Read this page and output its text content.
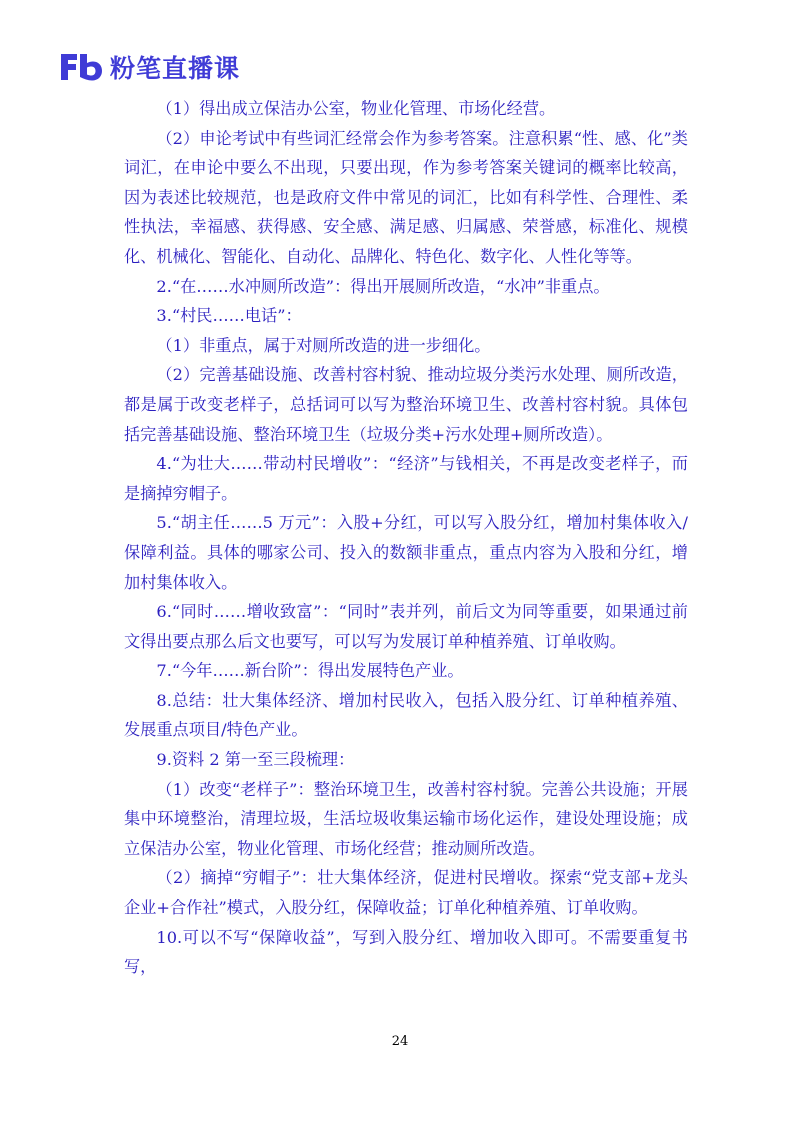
粉笔直播课

（1）得出成立保洁办公室，物业化管理、市场化经营。

（2）申论考试中有些词汇经常会作为参考答案。注意积累“性、感、化”类词汇，在申论中要么不出现，只要出现，作为参考答案关键词的概率比较高，因为表述比较规范，也是政府文件中常见的词汇，比如有科学性、合理性、柔性执法，幸福感、获得感、安全感、满足感、归属感、荣誉感，标准化、规模化、机械化、智能化、自动化、品牌化、特色化、数字化、人性化等等。

2.“在……水冲厕所改造”：得出开展厕所改造，“水冲”非重点。

3.“村民……电话”：

（1）非重点，属于对厕所改造的进一步细化。

（2）完善基础设施、改善村容村貌、推动垃圾分类污水处理、厕所改造，都是属于改变老样子，总括词可以写为整治环境卫生、改善村容村貌。具体包括完善基础设施、整治环境卫生（垃圾分类+污水处理+厕所改造）。

4.“为壮大……带动村民增收”：“经济”与钱相关，不再是改变老样子，而是摘掉穷帽子。

5.“胡主任……5 万元”：入股+分红，可以写入股分红，增加村集体收入/保障利益。具体的哪家公司、投入的数额非重点，重点内容为入股和分红，增加村集体收入。

6.“同时……增收致富”：“同时”表并列，前后文为同等重要，如果通过前文得出要点那么后文也要写，可以写为发展订单种植养殖、订单收购。

7.“今年……新台阶”：得出发展特色产业。

8.总结：壮大集体经济、增加村民收入，包括入股分红、订单种植养殖、发展重点项目/特色产业。

9.资料 2 第一至三段梳理：

（1）改变“老样子”：整治环境卫生，改善村容村貌。完善公共设施；开展集中环境整治，清理垃圾，生活垃圾收集运输市场化运作，建设处理设施；成立保洁办公室，物业化管理、市场化经营；推动厕所改造。

（2）摘掉“穷帽子”：壮大集体经济，促进村民增收。探索“党支部+龙头企业+合作社”模式，入股分红，保障收益；订单化种植养殖、订单收购。

10.可以不写“保障收益”，写到入股分红、增加收入即可。不需要重复书写，

24
